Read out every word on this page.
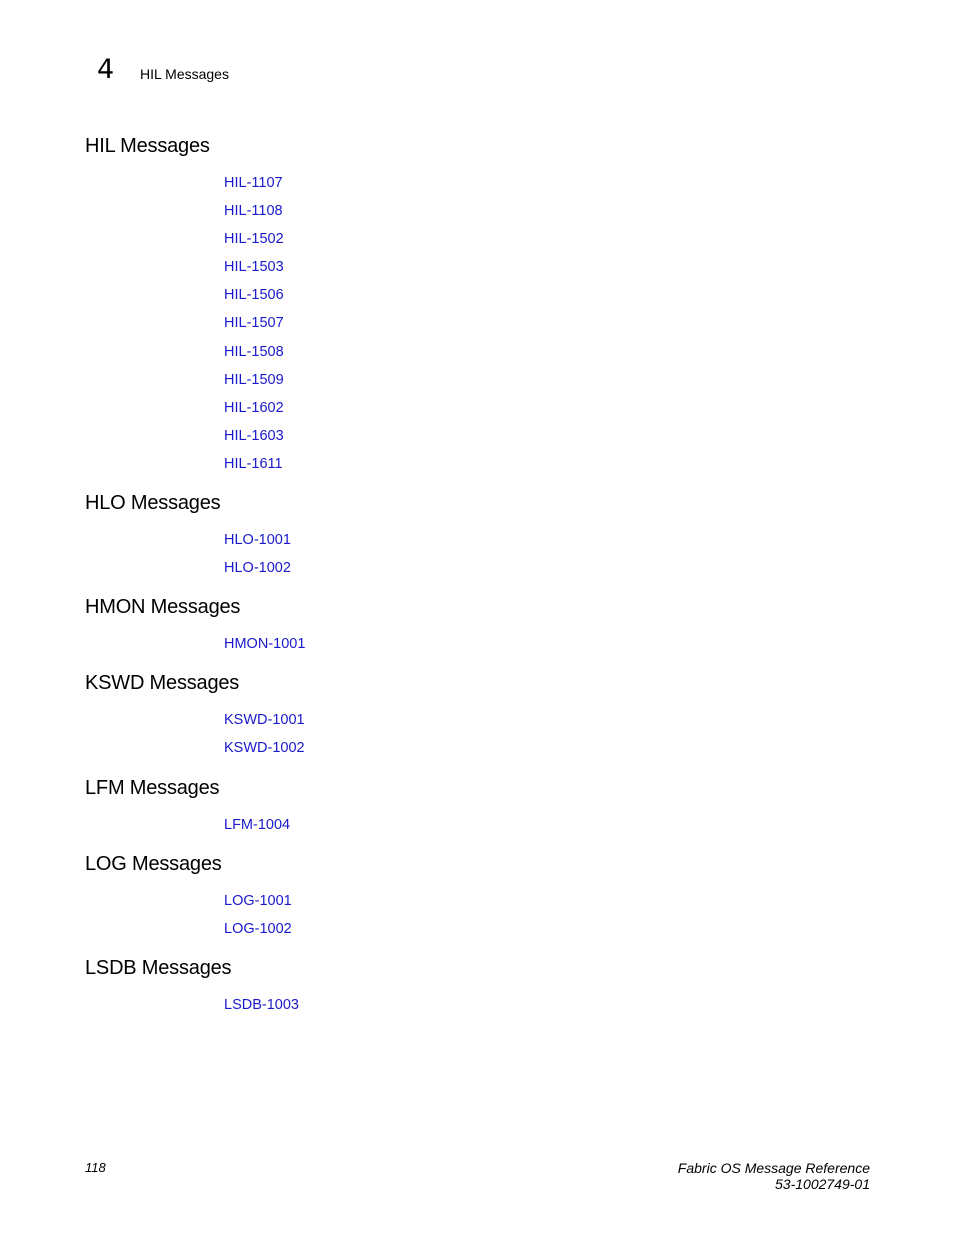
4 HIL Messages
HIL Messages
HIL-1107
HIL-1108
HIL-1502
HIL-1503
HIL-1506
HIL-1507
HIL-1508
HIL-1509
HIL-1602
HIL-1603
HIL-1611
HLO Messages
HLO-1001
HLO-1002
HMON Messages
HMON-1001
KSWD Messages
KSWD-1001
KSWD-1002
LFM Messages
LFM-1004
LOG Messages
LOG-1001
LOG-1002
LSDB Messages
LSDB-1003
118	Fabric OS Message Reference
53-1002749-01
